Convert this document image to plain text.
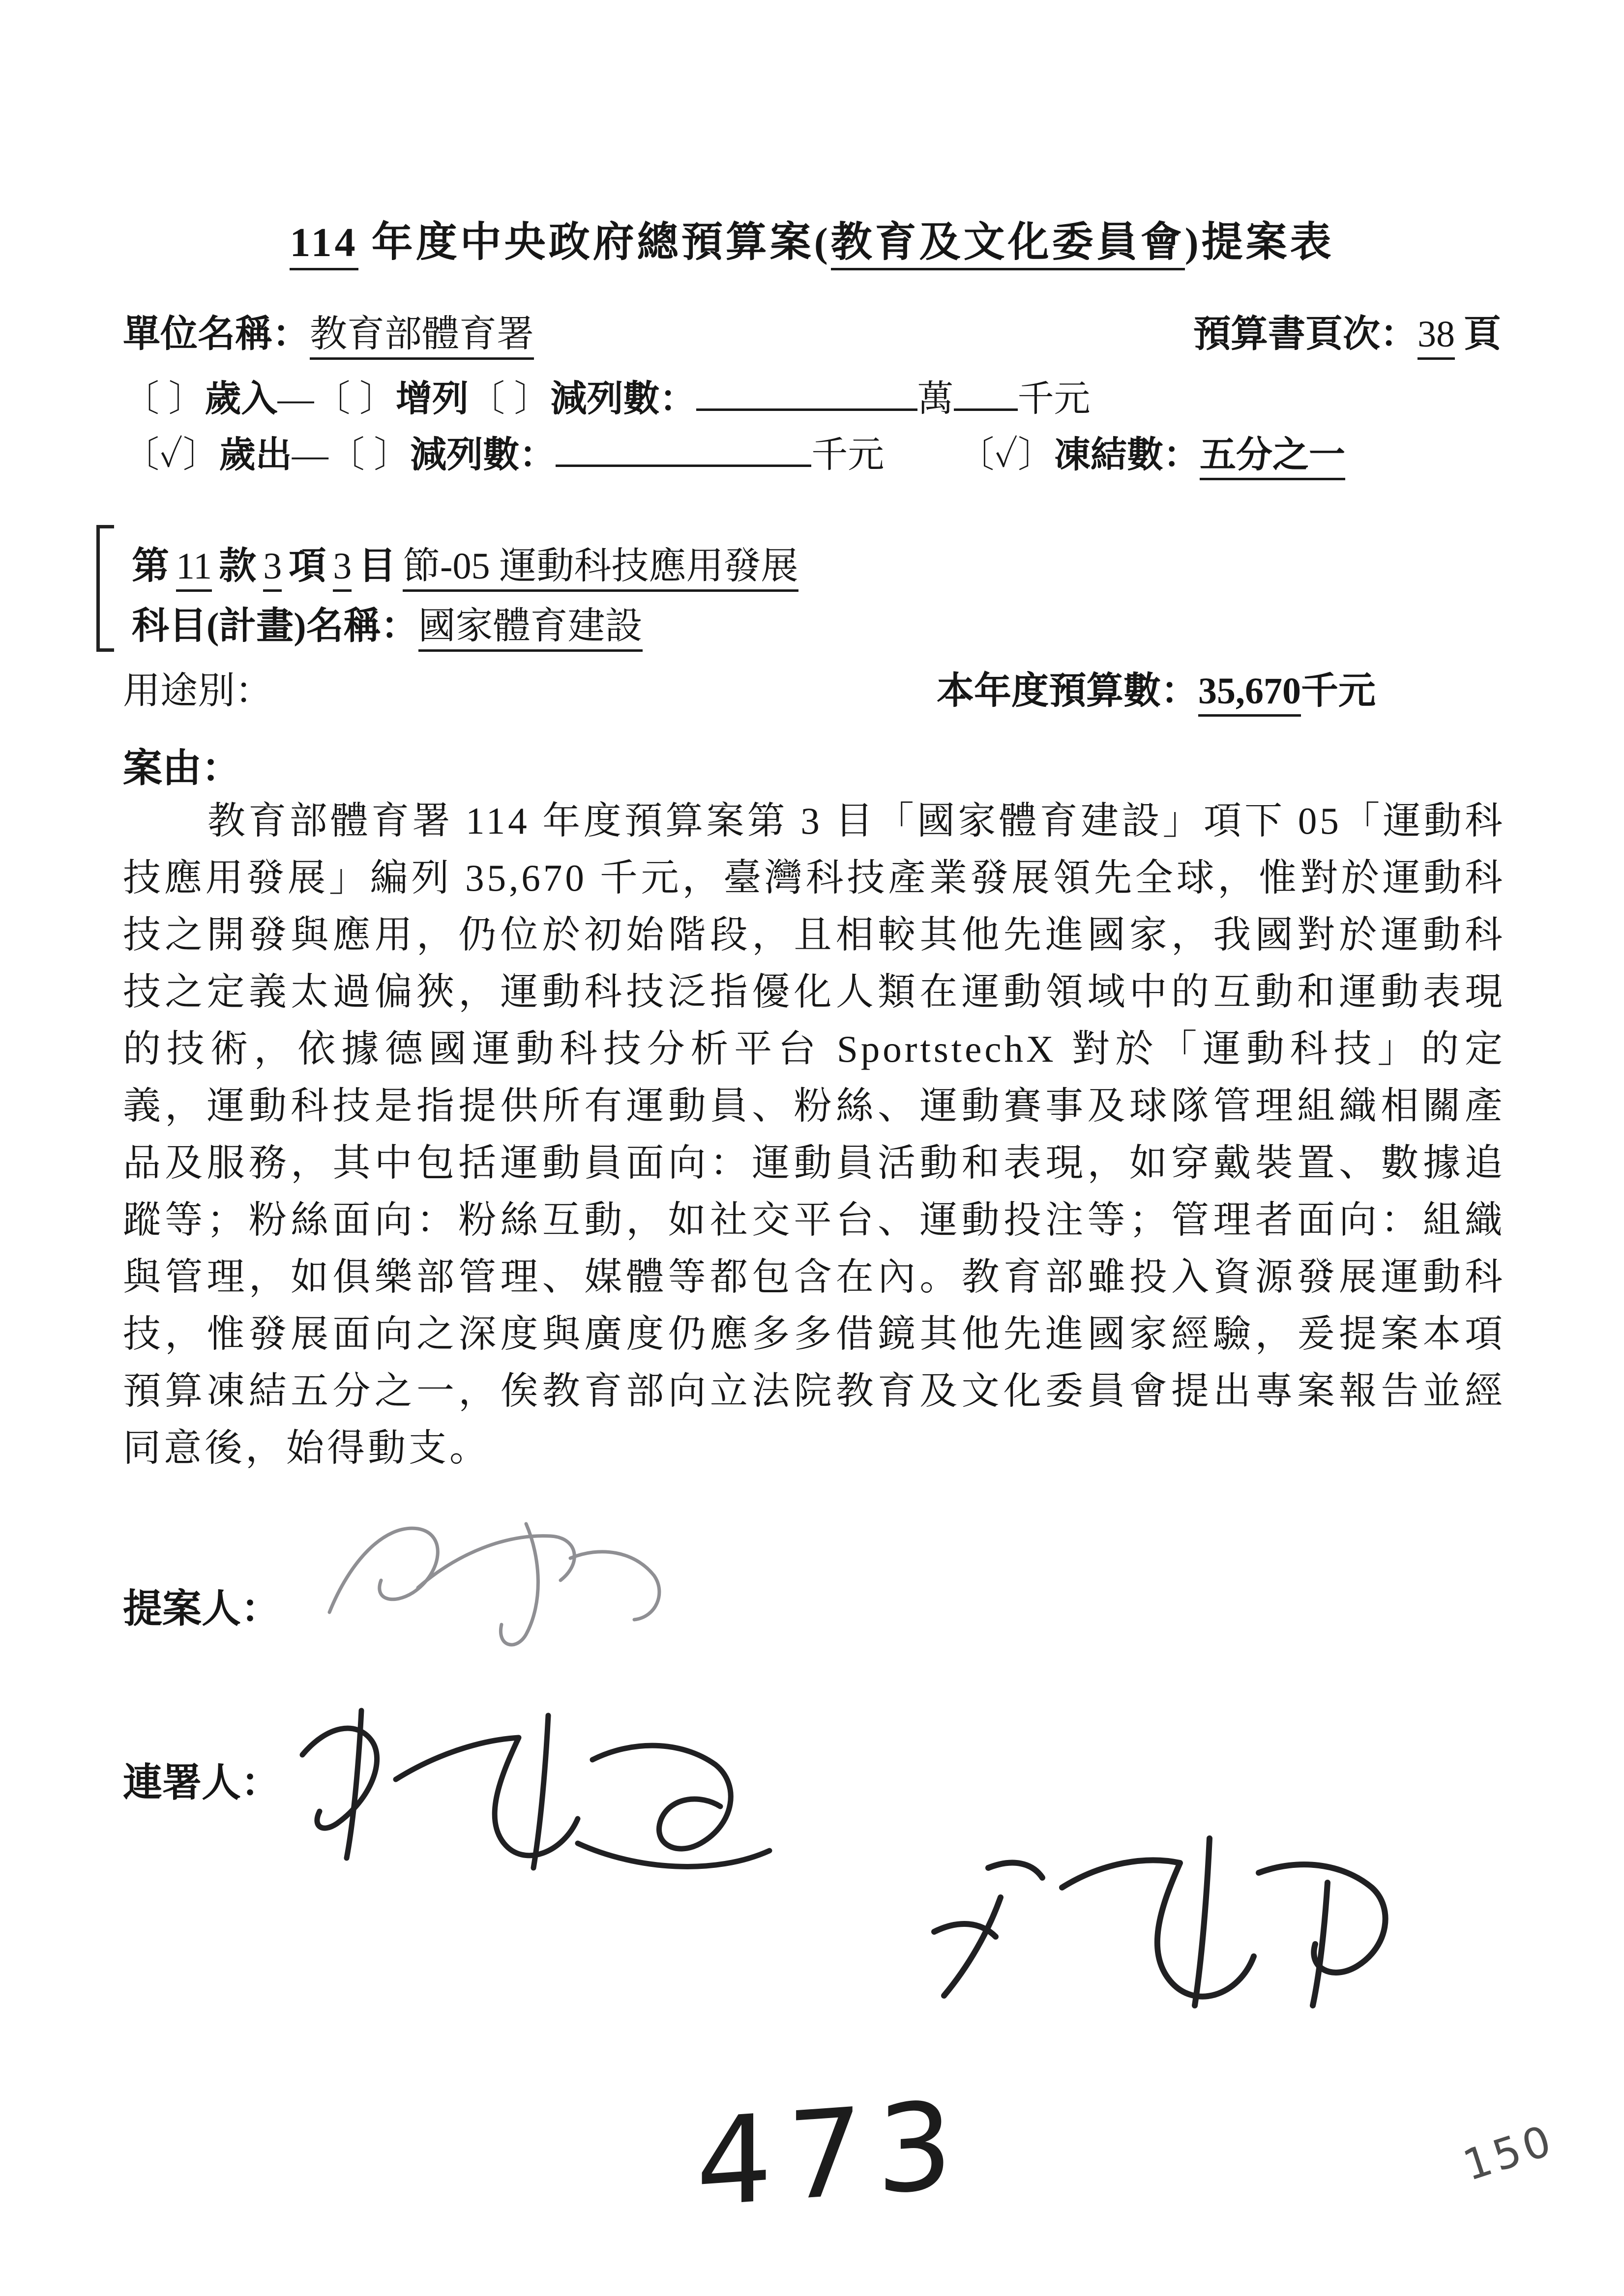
114 年度中央政府總預算案(教育及文化委員會)提案表
單位名稱：教育部體育署	預算書頁次：38 頁
〔 〕歲入—〔 〕增列〔 〕減列數：	萬 千元
〔✓〕歲出—〔 〕減列數：	千元 〔✓〕凍結數：五分之一
第 11 款 3 項 3 目 節-05 運動科技應用發展
科目(計畫)名稱：國家體育建設
用途別：	本年度預算數：35,670千元
案由：
教育部體育署 114 年度預算案第 3 目「國家體育建設」項下 05「運動科技應用發展」編列 35,670 千元，臺灣科技產業發展領先全球，惟對於運動科技之開發與應用，仍位於初始階段，且相較其他先進國家，我國對於運動科技之定義太過偏狹，運動科技泛指優化人類在運動領域中的互動和運動表現的技術，依據德國運動科技分析平台 SportstechX 對於「運動科技」的定義，運動科技是指提供所有運動員、粉絲、運動賽事及球隊管理組織相關產品及服務，其中包括運動員面向：運動員活動和表現，如穿戴裝置、數據追蹤等；粉絲面向：粉絲互動，如社交平台、運動投注等；管理者面向：組織與管理，如俱樂部管理、媒體等都包含在內。教育部雖投入資源發展運動科技，惟發展面向之深度與廣度仍應多多借鏡其他先進國家經驗，爰提案本項預算凍結五分之一，俟教育部向立法院教育及文化委員會提出專案報告並經同意後，始得動支。
提案人：
連署人：
473	150
